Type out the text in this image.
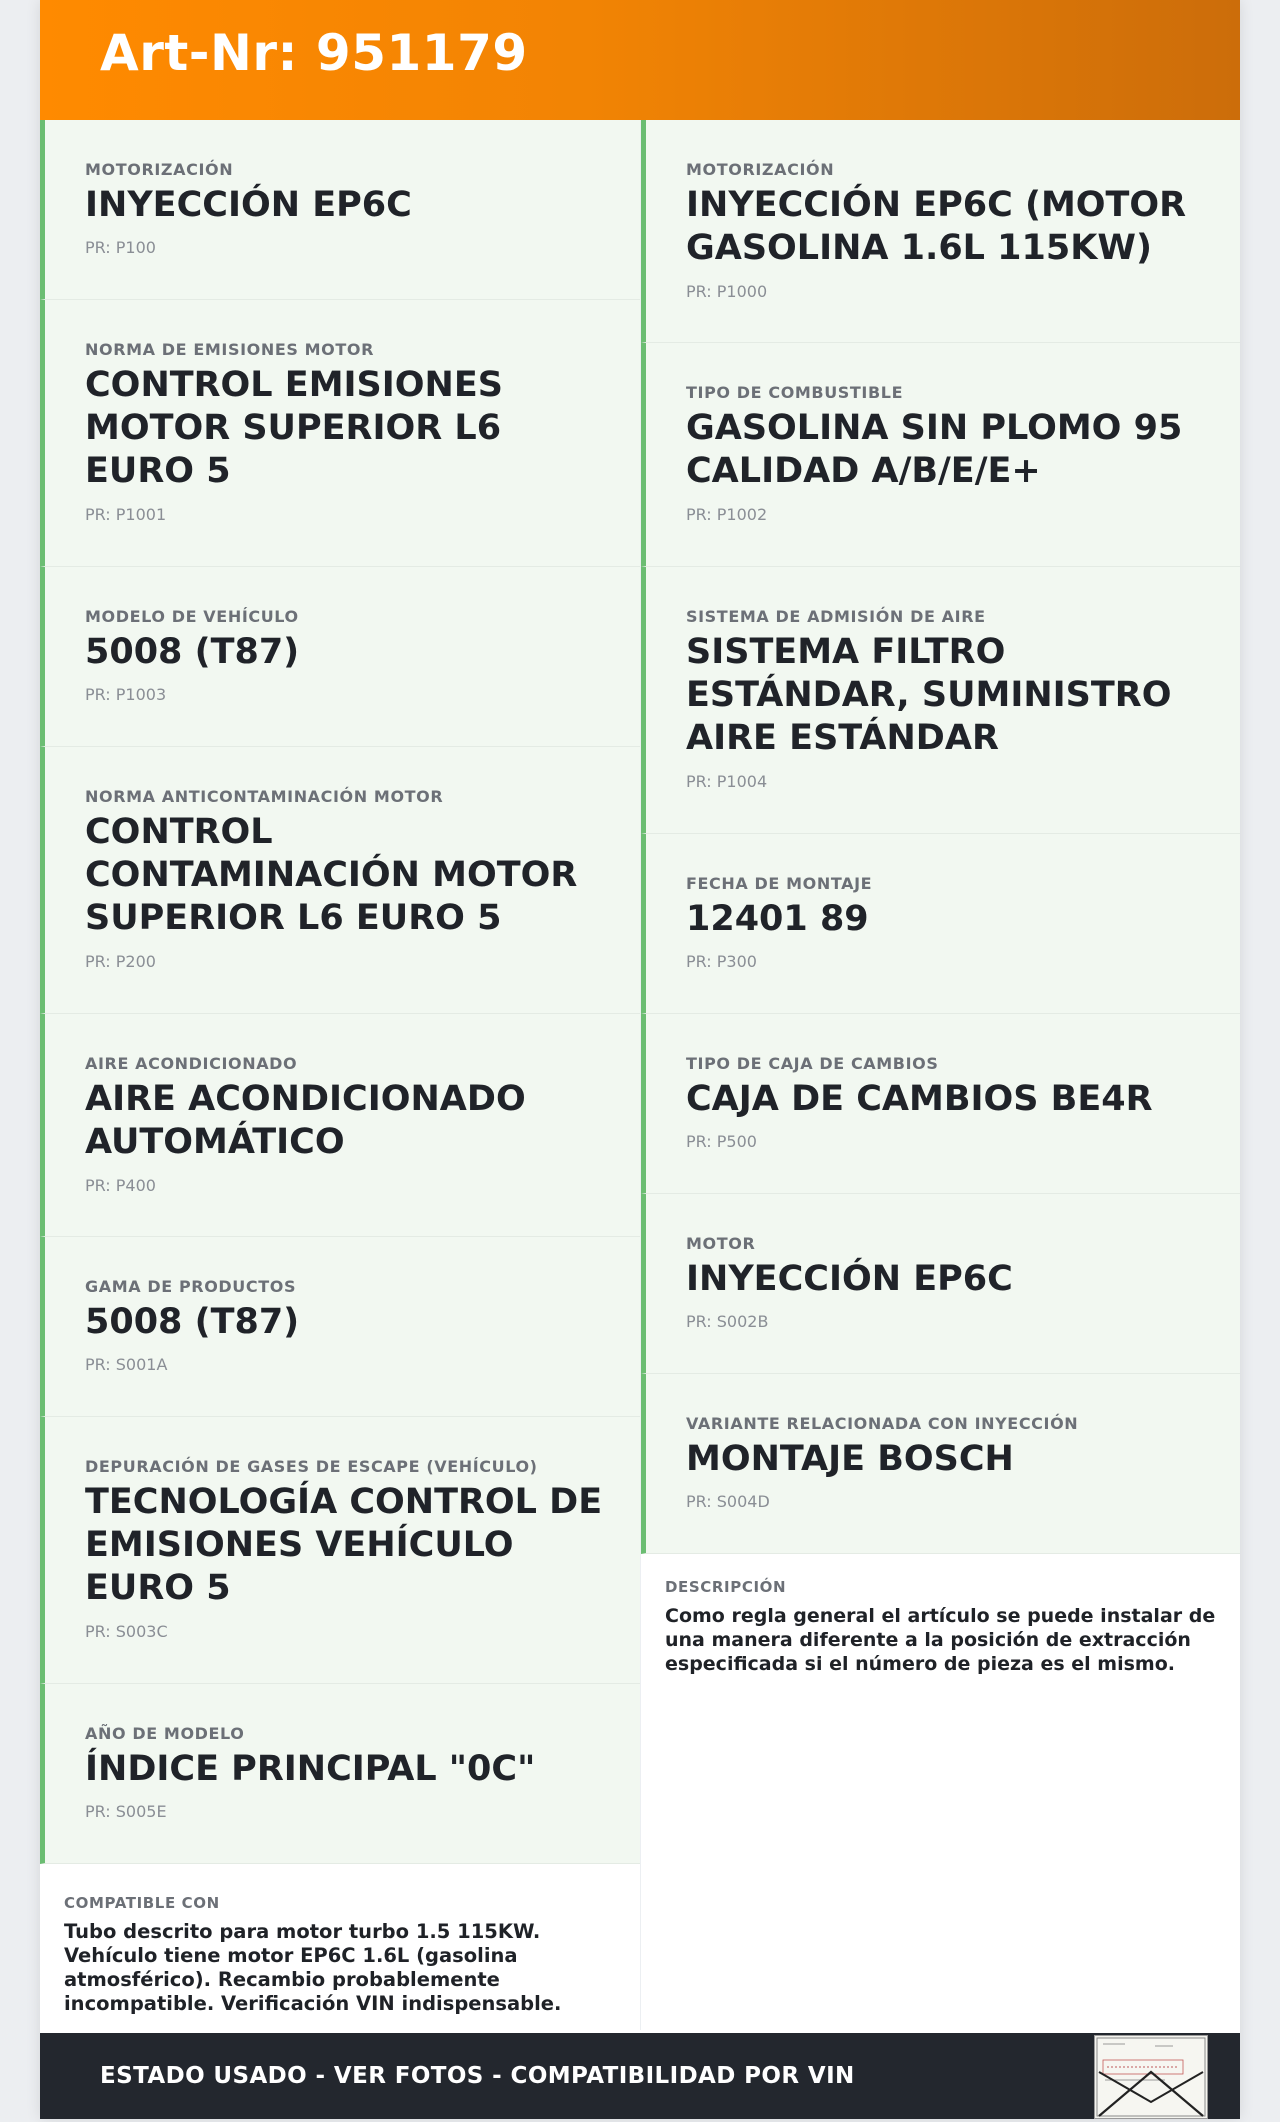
Art-Nr: 951179
MOTORIZACIÓN
INYECCIÓN EP6C
PR: P100
NORMA DE EMISIONES MOTOR
CONTROL EMISIONES MOTOR SUPERIOR L6 EURO 5
PR: P1001
MODELO DE VEHÍCULO
5008 (T87)
PR: P1003
NORMA ANTICONTAMINACIÓN MOTOR
CONTROL CONTAMINACIÓN MOTOR SUPERIOR L6 EURO 5
PR: P200
AIRE ACONDICIONADO
AIRE ACONDICIONADO AUTOMÁTICO
PR: P400
GAMA DE PRODUCTOS
5008 (T87)
PR: S001A
DEPURACIÓN DE GASES DE ESCAPE (VEHÍCULO)
TECNOLOGÍA CONTROL DE EMISIONES VEHÍCULO EURO 5
PR: S003C
AÑO DE MODELO
ÍNDICE PRINCIPAL "0C"
PR: S005E
COMPATIBLE CON
Tubo descrito para motor turbo 1.5 115KW. Vehículo tiene motor EP6C 1.6L (gasolina atmosférico). Recambio probablemente incompatible. Verificación VIN indispensable.
MOTORIZACIÓN
INYECCIÓN EP6C (MOTOR GASOLINA 1.6L 115KW)
PR: P1000
TIPO DE COMBUSTIBLE
GASOLINA SIN PLOMO 95 CALIDAD A/B/E/E+
PR: P1002
SISTEMA DE ADMISIÓN DE AIRE
SISTEMA FILTRO ESTÁNDAR, SUMINISTRO AIRE ESTÁNDAR
PR: P1004
FECHA DE MONTAJE
12401 89
PR: P300
TIPO DE CAJA DE CAMBIOS
CAJA DE CAMBIOS BE4R
PR: P500
MOTOR
INYECCIÓN EP6C
PR: S002B
VARIANTE RELACIONADA CON INYECCIÓN
MONTAJE BOSCH
PR: S004D
DESCRIPCIÓN
Como regla general el artículo se puede instalar de una manera diferente a la posición de extracción especificada si el número de pieza es el mismo.
ESTADO USADO - VER FOTOS - COMPATIBILIDAD POR VIN
